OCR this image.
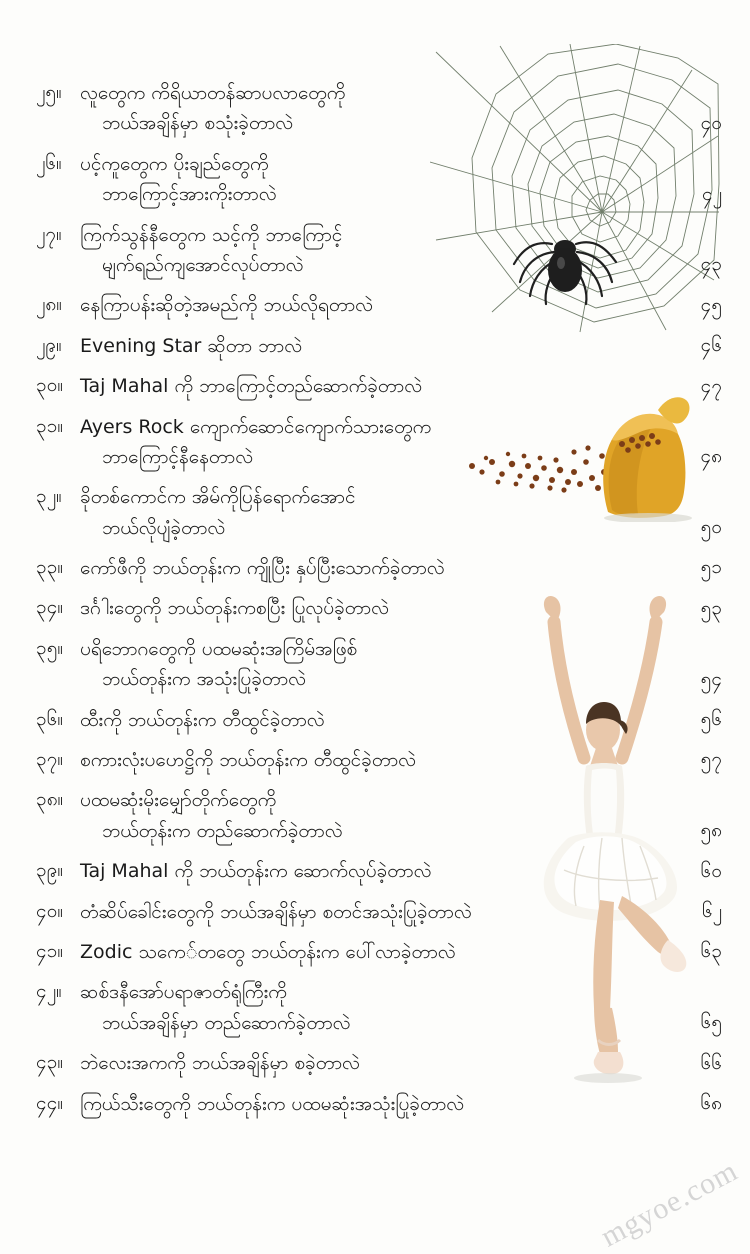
mgyoe.com
၂၅။ လူတွေက ကိရိယာတန်ဆာပလာတွေကို
ဘယ်အချိန်မှာ စသုံးခဲ့တာလဲ	၄၀
၂၆။ ပင့်ကူတွေက ပိုးချည်တွေကို
ဘာကြောင့်အားကိုးတာလဲ	၄၂
၂၇။ ကြက်သွန်နီတွေက သင့်ကို ဘာကြောင့်
မျက်ရည်ကျအောင်လုပ်တာလဲ	၄၃
၂၈။ နေကြာပန်းဆိုတဲ့အမည်ကို ဘယ်လိုရတာလဲ	၄၅
၂၉။ Evening Star ဆိုတာ ဘာလဲ	၄၆
၃၀။ Taj Mahal ကို ဘာကြောင့်တည်ဆောက်ခဲ့တာလဲ	၄၇
၃၁။ Ayers Rock ကျောက်ဆောင်ကျောက်သားတွေက
ဘာကြောင့်နီနေတာလဲ	၄၈
၃၂။ ခိုတစ်ကောင်က အိမ်ကိုပြန်ရောက်အောင်
ဘယ်လိုပျံခဲ့တာလဲ	၅၀
၃၃။ ကော်ဖီကို ဘယ်တုန်းက ကျိုပြီး နှပ်ပြီးသောက်ခဲ့တာလဲ	၅၁
၃၄။ ဒင်္ဂါးတွေကို ဘယ်တုန်းကစပြီး ပြုလုပ်ခဲ့တာလဲ	၅၃
၃၅။ ပရိဘောဂတွေကို ပထမဆုံးအကြိမ်အဖြစ်
ဘယ်တုန်းက အသုံးပြုခဲ့တာလဲ	၅၄
၃၆။ ထီးကို ဘယ်တုန်းက တီထွင်ခဲ့တာလဲ	၅၆
၃၇။ စကားလုံးပဟေဋ္ဌိကို ဘယ်တုန်းက တီထွင်ခဲ့တာလဲ	၅၇
၃၈။ ပထမဆုံးမိုးမျှော်တိုက်တွေကို
ဘယ်တုန်းက တည်ဆောက်ခဲ့တာလဲ	၅၈
၃၉။ Taj Mahal ကို ဘယ်တုန်းက ဆောက်လုပ်ခဲ့တာလဲ	၆၀
၄၀။ တံဆိပ်ခေါင်းတွေကို ဘယ်အချိန်မှာ စတင်အသုံးပြုခဲ့တာလဲ	၆၂
၄၁။ Zodic သကေ်တတွေ ဘယ်တုန်းက ပေါ်လာခဲ့တာလဲ	၆၃
၄၂။ ဆစ်ဒနီအော်ပရာဇာတ်ရုံကြီးကို
ဘယ်အချိန်မှာ တည်ဆောက်ခဲ့တာလဲ	၆၅
၄၃။ ဘဲလေးအကကို ဘယ်အချိန်မှာ စခဲ့တာလဲ	၆၆
၄၄။ ကြယ်သီးတွေကို ဘယ်တုန်းက ပထမဆုံးအသုံးပြုခဲ့တာလဲ	၆၈
